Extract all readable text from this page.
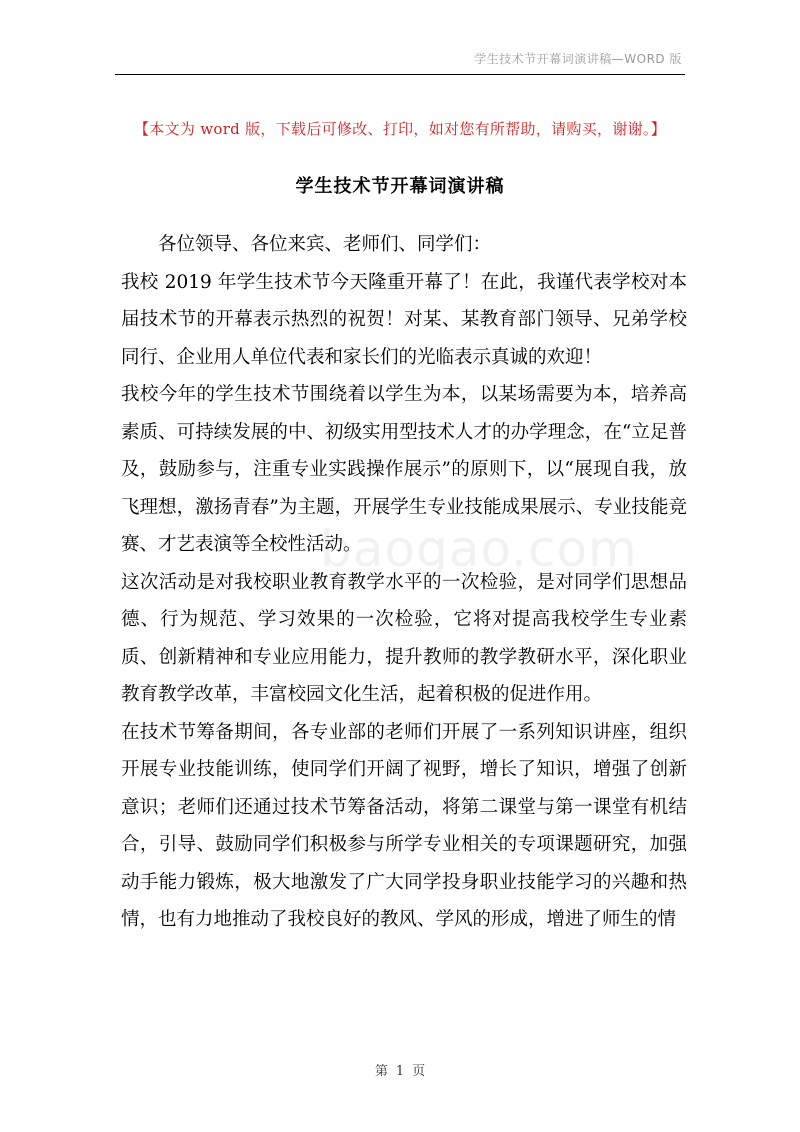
学生技术节开幕词演讲稿—WORD 版
【本文为 word 版，下载后可修改、打印，如对您有所帮助，请购买，谢谢。】
学生技术节开幕词演讲稿
baogao.com

各位领导、各位来宾、老师们、同学们：

我校 2019 年学生技术节今天隆重开幕了！在此，我谨代表学校对本届技术节的开幕表示热烈的祝贺！对某、某教育部门领导、兄弟学校同行、企业用人单位代表和家长们的光临表示真诚的欢迎！

我校今年的学生技术节围绕着以学生为本，以某场需要为本，培养高素质、可持续发展的中、初级实用型技术人才的办学理念，在“立足普及，鼓励参与，注重专业实践操作展示”的原则下，以“展现自我，放飞理想，激扬青春”为主题，开展学生专业技能成果展示、专业技能竞赛、才艺表演等全校性活动。

这次活动是对我校职业教育教学水平的一次检验，是对同学们思想品德、行为规范、学习效果的一次检验，它将对提高我校学生专业素质、创新精神和专业应用能力，提升教师的教学教研水平，深化职业教育教学改革，丰富校园文化生活，起着积极的促进作用。

在技术节筹备期间，各专业部的老师们开展了一系列知识讲座，组织开展专业技能训练，使同学们开阔了视野，增长了知识，增强了创新意识；老师们还通过技术节筹备活动，将第二课堂与第一课堂有机结合，引导、鼓励同学们积极参与所学专业相关的专项课题研究，加强动手能力锻炼，极大地激发了广大同学投身职业技能学习的兴趣和热情，也有力地推动了我校良好的教风、学风的形成，增进了师生的情

第 1 页
